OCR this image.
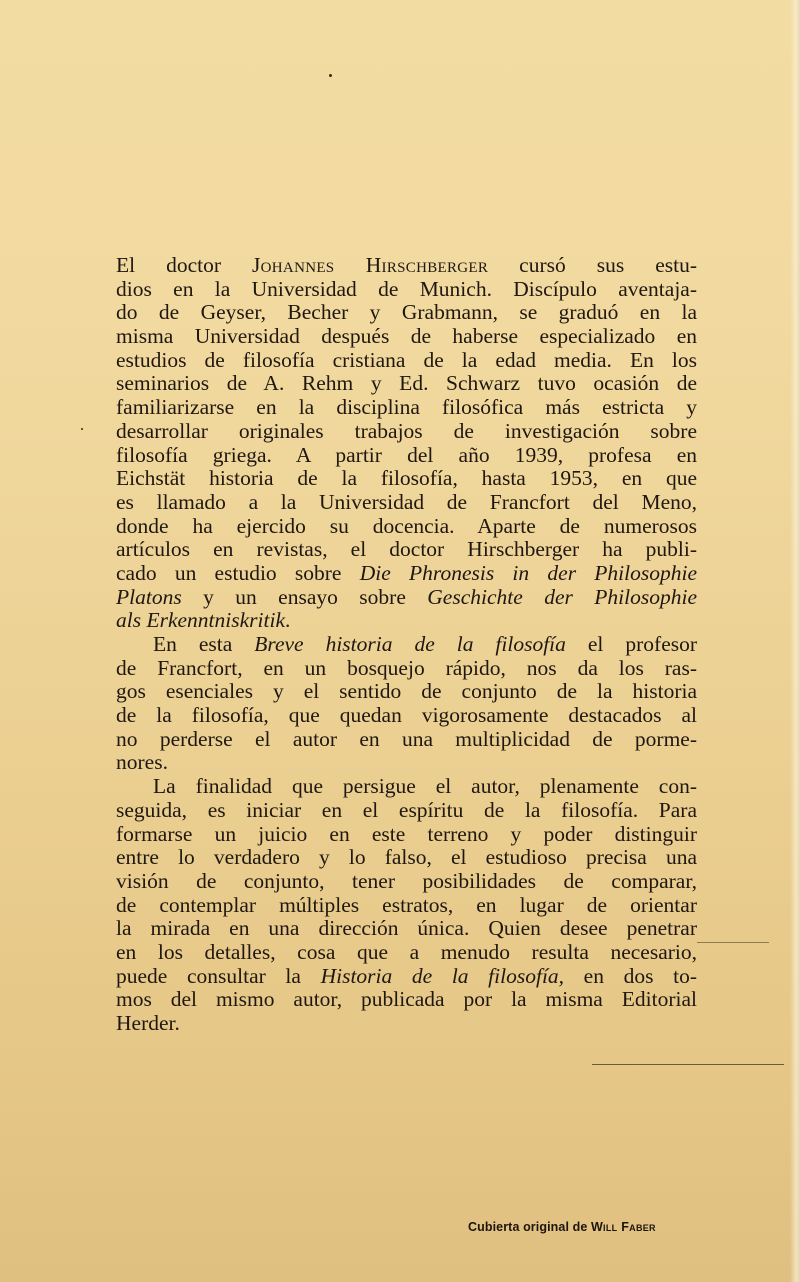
El doctor Johannes Hirschberger cursó sus estu-
dios en la Universidad de Munich. Discípulo aventaja-
do de Geyser, Becher y Grabmann, se graduó en la
misma Universidad después de haberse especializado en
estudios de filosofía cristiana de la edad media. En los
seminarios de A. Rehm y Ed. Schwarz tuvo ocasión de
familiarizarse en la disciplina filosófica más estricta y
desarrollar originales trabajos de investigación sobre
filosofía griega. A partir del año 1939, profesa en
Eichstät historia de la filosofía, hasta 1953, en que
es llamado a la Universidad de Francfort del Meno,
donde ha ejercido su docencia. Aparte de numerosos
artículos en revistas, el doctor Hirschberger ha publi-
cado un estudio sobre Die Phronesis in der Philosophie
Platons y un ensayo sobre Geschichte der Philosophie
als Erkenntniskritik.
En esta Breve historia de la filosofía el profesor
de Francfort, en un bosquejo rápido, nos da los ras-
gos esenciales y el sentido de conjunto de la historia
de la filosofía, que quedan vigorosamente destacados al
no perderse el autor en una multiplicidad de porme-
nores.
La finalidad que persigue el autor, plenamente con-
seguida, es iniciar en el espíritu de la filosofía. Para
formarse un juicio en este terreno y poder distinguir
entre lo verdadero y lo falso, el estudioso precisa una
visión de conjunto, tener posibilidades de comparar,
de contemplar múltiples estratos, en lugar de orientar
la mirada en una dirección única. Quien desee penetrar
en los detalles, cosa que a menudo resulta necesario,
puede consultar la Historia de la filosofía, en dos to-
mos del mismo autor, publicada por la misma Editorial
Herder.
Cubierta original de Will Faber
